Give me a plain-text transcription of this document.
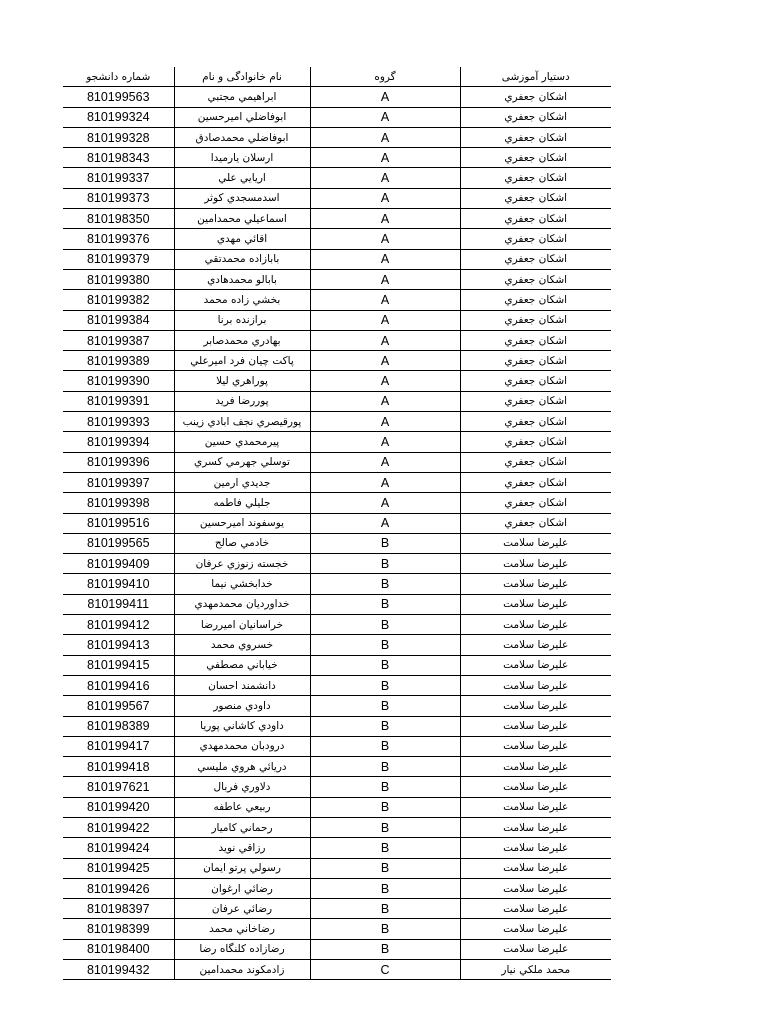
شماره دانشجو	نام خانوادگی و نام	گروه	دستیار آموزشی
810199563	ابراهيمي مجتبي	A	اشكان جعفري
810199324	ابوفاضلي اميرحسين	A	اشكان جعفري
810199328	ابوفاضلي محمدصادق	A	اشكان جعفري
810198343	ارسلان يارميدا	A	اشكان جعفري
810199337	اريايي علي	A	اشكان جعفري
810199373	اسدمسجدي كوثر	A	اشكان جعفري
810198350	اسماعيلي محمدامين	A	اشكان جعفري
810199376	اقائي مهدي	A	اشكان جعفري
810199379	بابازاده محمدتقي	A	اشكان جعفري
810199380	بابالو محمدهادي	A	اشكان جعفري
810199382	بخشي زاده محمد	A	اشكان جعفري
810199384	برازنده برنا	A	اشكان جعفري
810199387	بهادري محمدصابر	A	اشكان جعفري
810199389	پاكت چيان فرد اميرعلي	A	اشكان جعفري
810199390	پوراهري ليلا	A	اشكان جعفري
810199391	پوررضا فريد	A	اشكان جعفري
810199393	پورقيصري نجف ابادي زينب	A	اشكان جعفري
810199394	پيرمحمدي حسين	A	اشكان جعفري
810199396	توسلي جهرمي كسري	A	اشكان جعفري
810199397	جديدي ارمين	A	اشكان جعفري
810199398	جليلي فاطمه	A	اشكان جعفري
810199516	يوسفوند اميرحسين	A	اشكان جعفري
810199565	خادمي صالح	B	عليرضا سلامت
810199409	خجسته زنوزي عرفان	B	عليرضا سلامت
810199410	خدابخشي نيما	B	عليرضا سلامت
810199411	خداورديان محمدمهدي	B	عليرضا سلامت
810199412	خراسانيان اميررضا	B	عليرضا سلامت
810199413	خسروي محمد	B	عليرضا سلامت
810199415	خياباني مصطفي	B	عليرضا سلامت
810199416	دانشمند احسان	B	عليرضا سلامت
810199567	داودي منصور	B	عليرضا سلامت
810198389	داودي كاشاني پوريا	B	عليرضا سلامت
810199417	درودبان محمدمهدي	B	عليرضا سلامت
810199418	دريائي هروي مليسي	B	عليرضا سلامت
810197621	دلاوري فربال	B	عليرضا سلامت
810199420	ربيعي عاطفه	B	عليرضا سلامت
810199422	رحماني كاميار	B	عليرضا سلامت
810199424	رزاقي نويد	B	عليرضا سلامت
810199425	رسولي پرتو ايمان	B	عليرضا سلامت
810199426	رضائي ارغوان	B	عليرضا سلامت
810198397	رضائي عرفان	B	عليرضا سلامت
810198399	رضاخاني محمد	B	عليرضا سلامت
810198400	رضازاده كلنگاه رضا	B	عليرضا سلامت
810199432	زادمكوند محمدامين	C	محمد ملكي نيار
